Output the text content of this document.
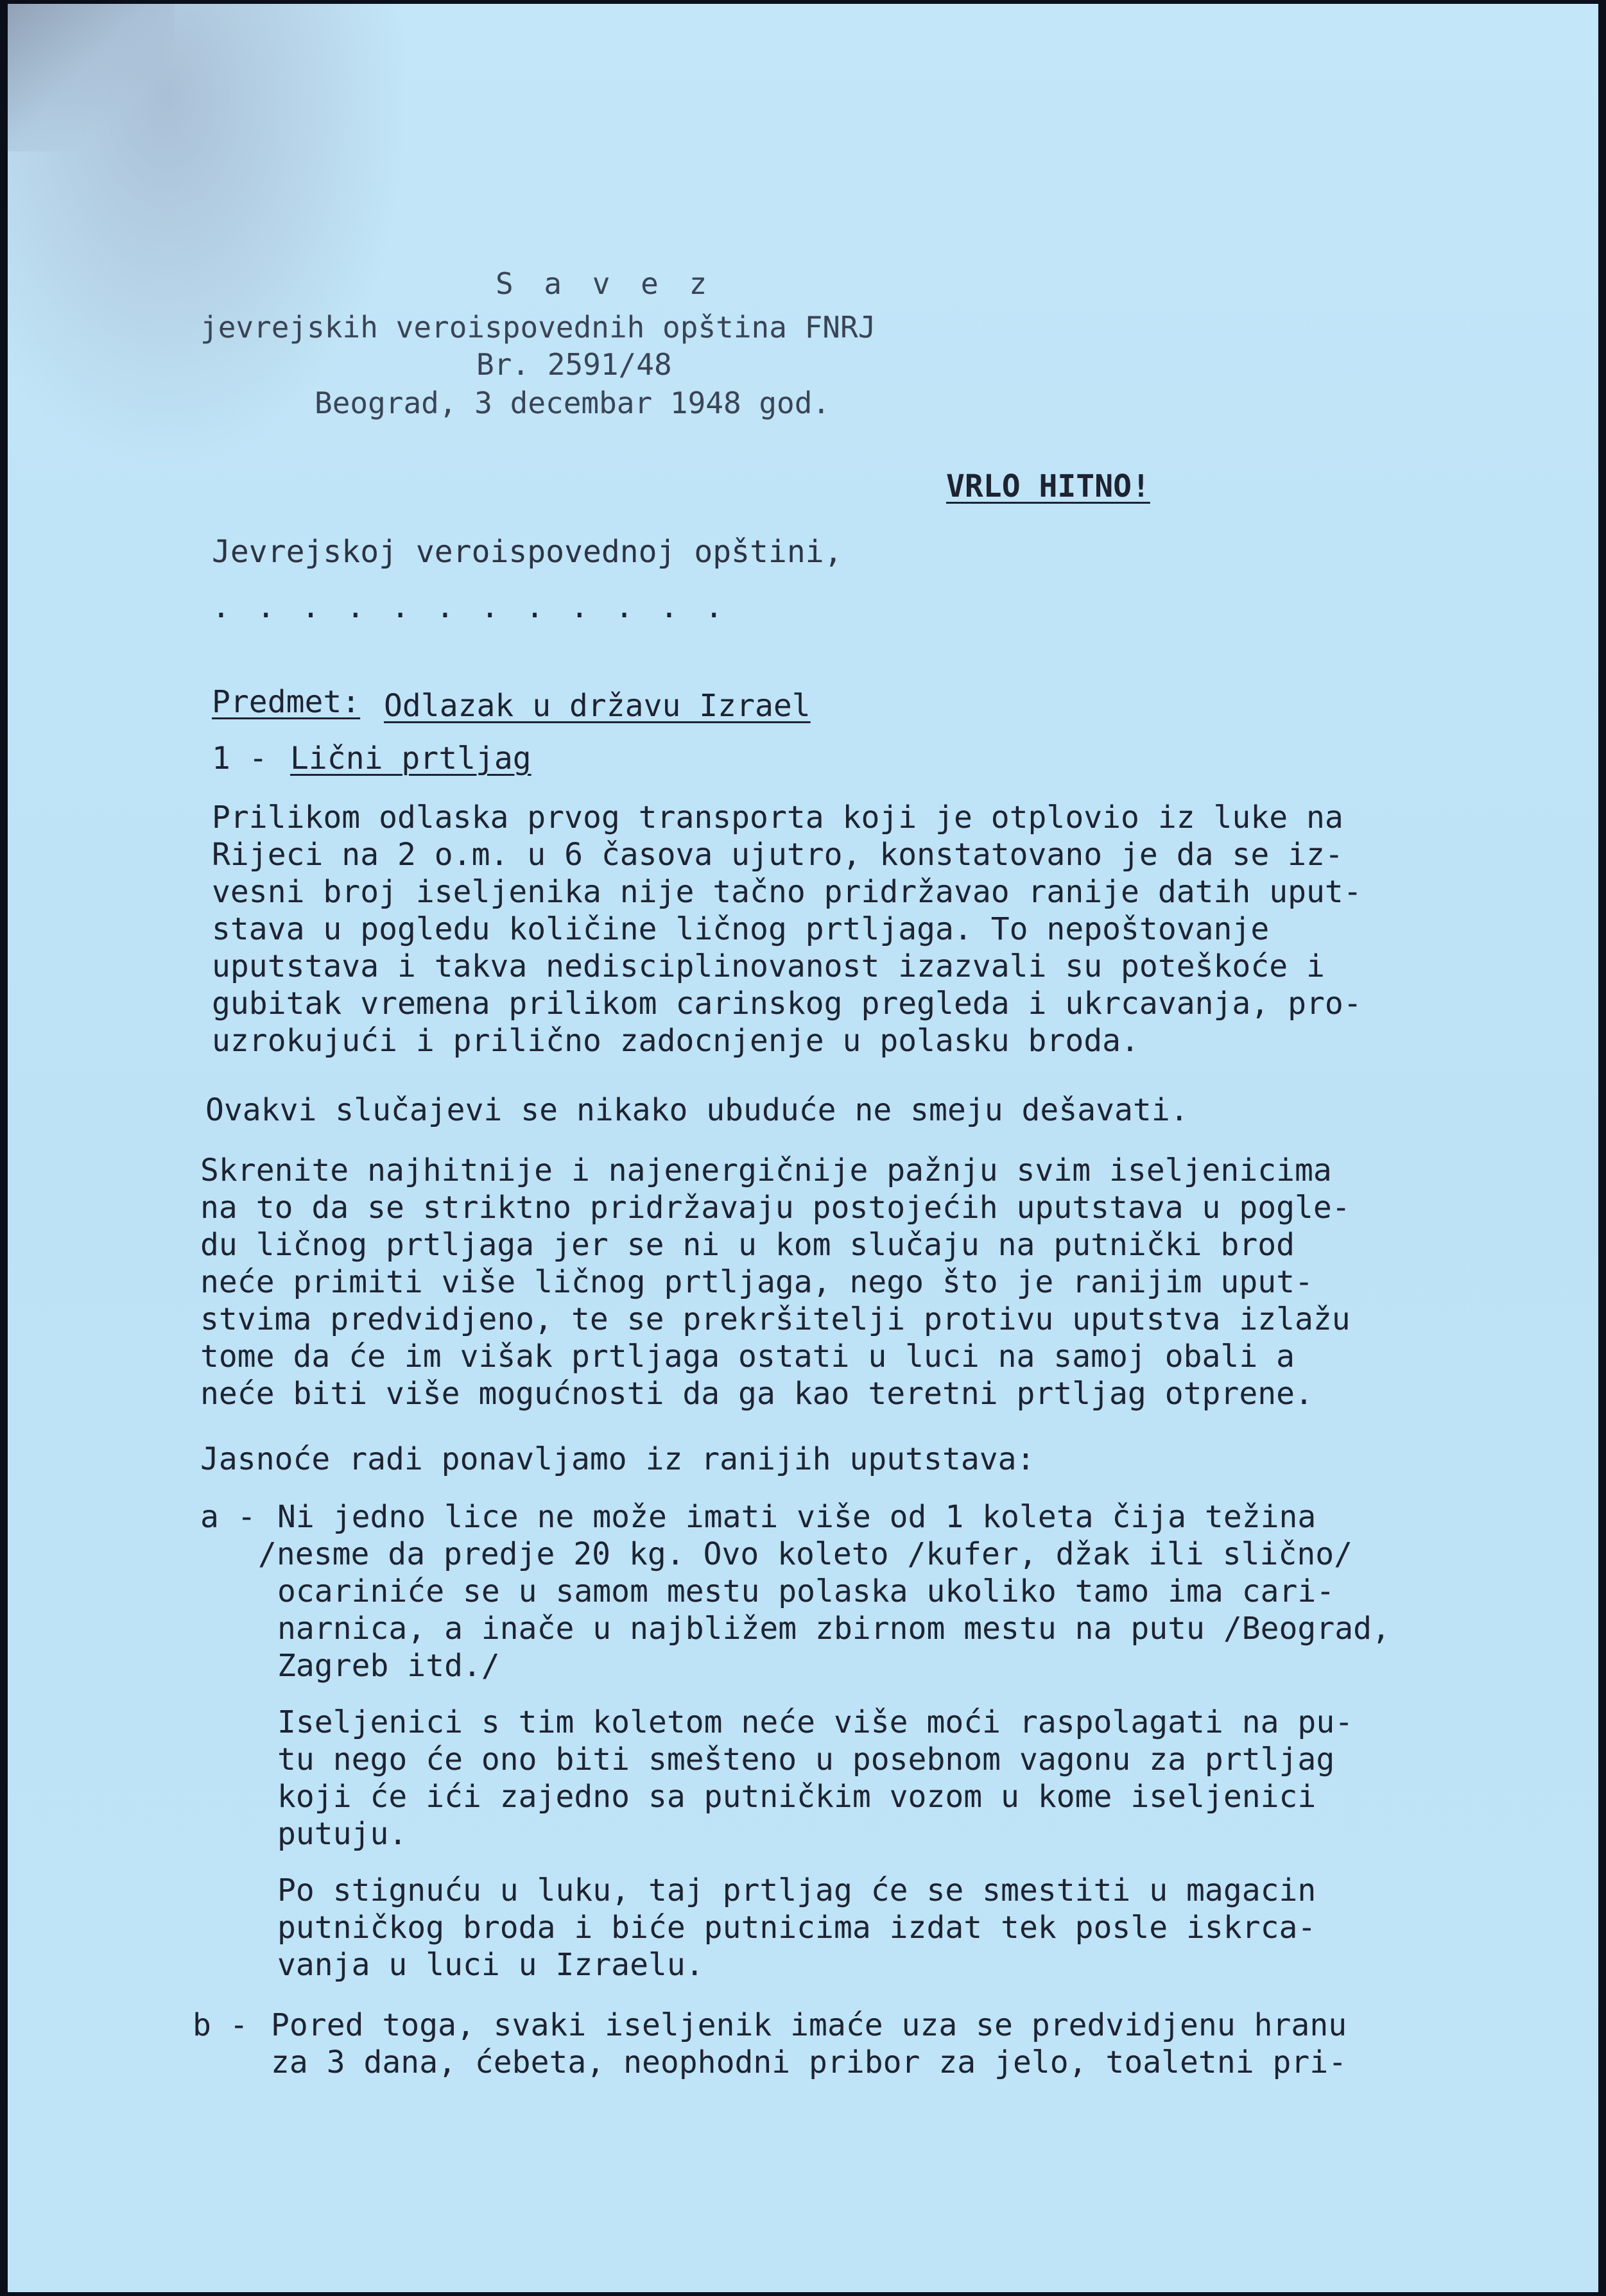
S a v e z
jevrejskih veroispovednih opština FNRJ
Br. 2591/48
Beograd, 3 decembar 1948 god.
VRLO HITNO!
Jevrejskoj veroispovednoj opštini,
. . . . . . . . . . . .
Predmet: Odlazak u državu Izrael
1 - Lični prtljag
Prilikom odlaska prvog transporta koji je otplovio iz luke na
Rijeci na 2 o.m. u 6 časova ujutro, konstatovano je da se iz-
vesni broj iseljenika nije tačno pridržavao ranije datih uput-
stava u pogledu količine ličnog prtljaga. To nepoštovanje
uputstava i takva nedisciplinovanost izazvali su poteškoće i
gubitak vremena prilikom carinskog pregleda i ukrcavanja, pro-
uzrokujući i prilično zadocnjenje u polasku broda.
Ovakvi slučajevi se nikako ubuduće ne smeju dešavati.
Skrenite najhitnije i najenergičnije pažnju svim iseljenicima
na to da se striktno pridržavaju postojećih uputstava u pogle-
du ličnog prtljaga jer se ni u kom slučaju na putnički brod
neće primiti više ličnog prtljaga, nego što je ranijim uput-
stvima predvidjeno, te se prekršitelji protivu uputstva izlažu
tome da će im višak prtljaga ostati u luci na samoj obali a
neće biti više mogućnosti da ga kao teretni prtljag otprene.
Jasnoće radi ponavljamo iz ranijih uputstava:
a - Ni jedno lice ne može imati više od 1 koleta čija težina
/nesme da predje 20 kg. Ovo koleto /kufer, džak ili slično/
ocariniće se u samom mestu polaska ukoliko tamo ima cari-
narnica, a inače u najbližem zbirnom mestu na putu /Beograd,
Zagreb itd./
Iseljenici s tim koletom neće više moći raspolagati na pu-
tu nego će ono biti smešteno u posebnom vagonu za prtljag
koji će ići zajedno sa putničkim vozom u kome iseljenici
putuju.
Po stignuću u luku, taj prtljag će se smestiti u magacin
putničkog broda i biće putnicima izdat tek posle iskrca-
vanja u luci u Izraelu.
b - Pored toga, svaki iseljenik imaće uza se predvidjenu hranu
za 3 dana, ćebeta, neophodni pribor za jelo, toaletni pri-
